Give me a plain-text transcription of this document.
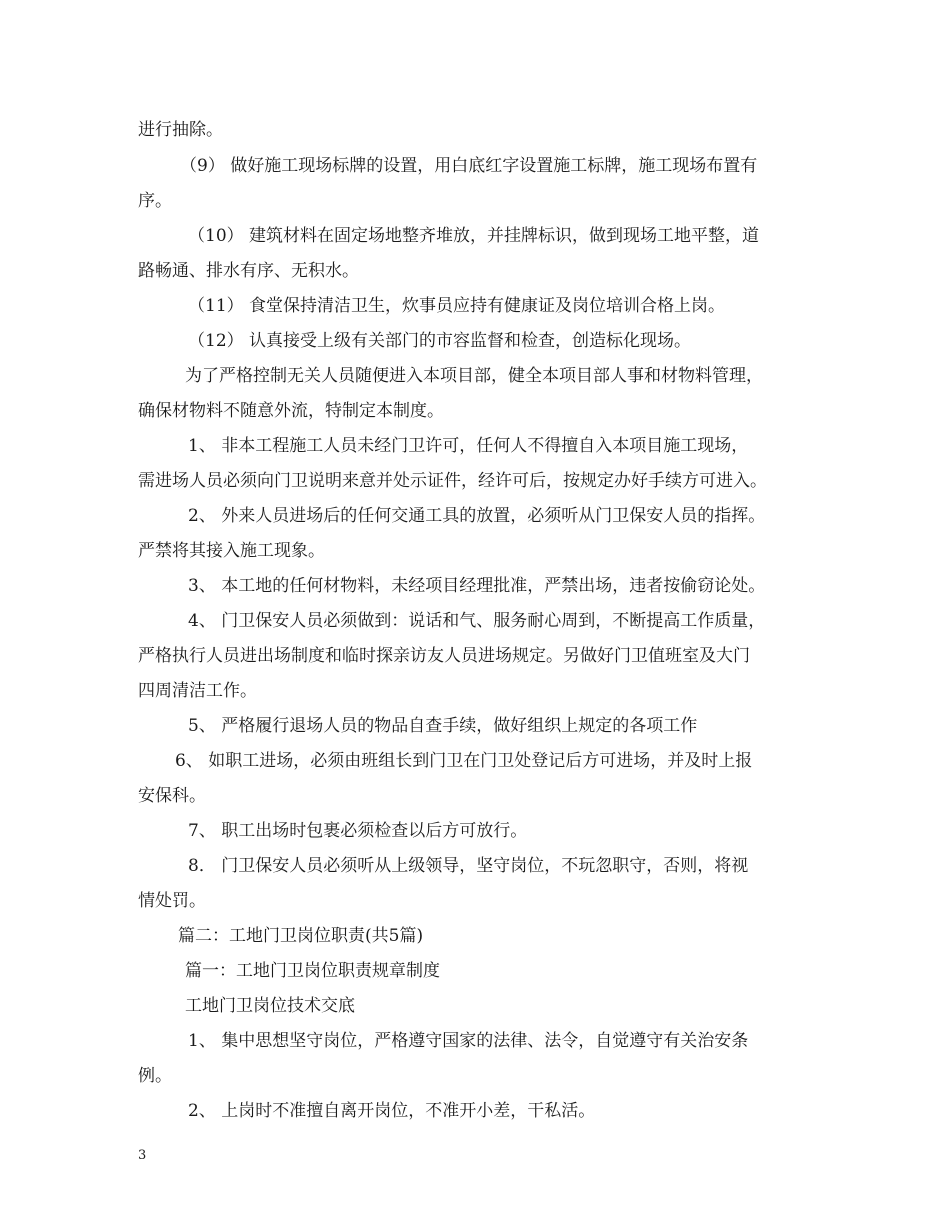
进行抽除。
（9） 做好施工现场标牌的设置，用白底红字设置施工标牌，施工现场布置有
序。
（10） 建筑材料在固定场地整齐堆放，并挂牌标识，做到现场工地平整，道
路畅通、排水有序、无积水。
（11） 食堂保持清洁卫生，炊事员应持有健康证及岗位培训合格上岗。
（12） 认真接受上级有关部门的市容监督和检查，创造标化现场。
为了严格控制无关人员随便进入本项目部，健全本项目部人事和材物料管理，
确保材物料不随意外流，特制定本制度。
1、 非本工程施工人员未经门卫许可，任何人不得擅自入本项目施工现场，
需进场人员必须向门卫说明来意并处示证件，经许可后，按规定办好手续方可进入。
2、 外来人员进场后的任何交通工具的放置，必须听从门卫保安人员的指挥。
严禁将其接入施工现象。
3、 本工地的任何材物料，未经项目经理批准，严禁出场，违者按偷窃论处。
4、 门卫保安人员必须做到：说话和气、服务耐心周到，不断提高工作质量，
严格执行人员进出场制度和临时探亲访友人员进场规定。另做好门卫值班室及大门
四周清洁工作。
5、 严格履行退场人员的物品自查手续，做好组织上规定的各项工作
6、 如职工进场，必须由班组长到门卫在门卫处登记后方可进场，并及时上报
安保科。
7、 职工出场时包裹必须检查以后方可放行。
8． 门卫保安人员必须听从上级领导，坚守岗位，不玩忽职守，否则，将视
情处罚。
篇二：工地门卫岗位职责(共5篇)
篇一：工地门卫岗位职责规章制度
工地门卫岗位技术交底
1、 集中思想坚守岗位，严格遵守国家的法律、法令，自觉遵守有关治安条
例。
2、 上岗时不准擅自离开岗位，不准开小差，干私活。
3
